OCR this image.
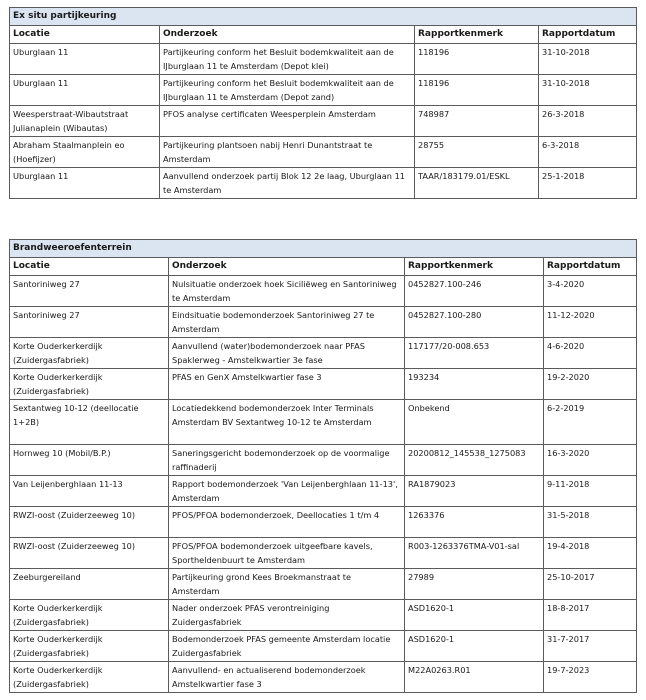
Ex situ partijkeuring			
Locatie	Onderzoek	Rapportkenmerk	Rapportdatum
Uburglaan 11	Partijkeuring conform het Besluit bodemkwaliteit aan de IJburglaan 11 te Amsterdam (Depot klei)	118196	31-10-2018
Uburglaan 11	Partijkeuring conform het Besluit bodemkwaliteit aan de IJburglaan 11 te Amsterdam (Depot zand)	118196	31-10-2018
Weesperstraat-Wibautstraat Julianaplein (Wibautas)	PFOS analyse certificaten Weesperplein Amsterdam	748987	26-3-2018
Abraham Staalmanplein eo (Hoefijzer)	Partijkeuring plantsoen nabij Henri Dunantstraat te Amsterdam	28755	6-3-2018
Uburglaan 11	Aanvullend onderzoek partij Blok 12 2e laag, Uburglaan 11 te Amsterdam	TAAR/183179.01/ESKL	25-1-2018
Brandweeroefenterrein			
Locatie	Onderzoek	Rapportkenmerk	Rapportdatum
Santoriniweg 27	Nulsituatie onderzoek hoek Siciliëweg en Santoriniweg te Amsterdam	0452827.100-246	3-4-2020
Santoriniweg 27	Eindsituatie bodemonderzoek Santoriniweg 27 te Amsterdam	0452827.100-280	11-12-2020
Korte Ouderkerkerdijk (Zuidergasfabriek)	Aanvullend (water)bodemonderzoek naar PFAS Spaklerweg - Amstelkwartier 3e fase	117177/20-008.653	4-6-2020
Korte Ouderkerkerdijk (Zuidergasfabriek)	PFAS en GenX Amstelkwartier fase 3	193234	19-2-2020
Sextantweg 10-12 (deellocatie 1+2B)	Locatiedekkend bodemonderzoek Inter Terminals Amsterdam BV Sextantweg 10-12 te Amsterdam	Onbekend	6-2-2019
Hornweg 10 (Mobil/B.P.)	Saneringsgericht bodemonderzoek op de voormalige raffinaderij	20200812_145538_1275083	16-3-2020
Van Leijenberghlaan 11-13	Rapport bodemonderzoek 'Van Leijenberghlaan 11-13', Amsterdam	RA1879023	9-11-2018
RWZI-oost (Zuiderzeeweg 10)	PFOS/PFOA bodemonderzoek, Deellocaties 1 t/m 4	1263376	31-5-2018
RWZI-oost (Zuiderzeeweg 10)	PFOS/PFOA bodemonderzoek uitgeefbare kavels, Sportheldenbuurt te Amsterdam	R003-1263376TMA-V01-sal	19-4-2018
Zeeburgereiland	Partijkeuring grond Kees Broekmanstraat te Amsterdam	27989	25-10-2017
Korte Ouderkerkerdijk (Zuidergasfabriek)	Nader onderzoek PFAS verontreiniging Zuidergasfabriek	ASD1620-1	18-8-2017
Korte Ouderkerkerdijk (Zuidergasfabriek)	Bodemonderzoek PFAS gemeente Amsterdam locatie Zuidergasfabriek	ASD1620-1	31-7-2017
Korte Ouderkerkerdijk (Zuidergasfabriek)	Aanvullend- en actualiserend bodemonderzoek Amstelkwartier fase 3	M22A0263.R01	19-7-2023
